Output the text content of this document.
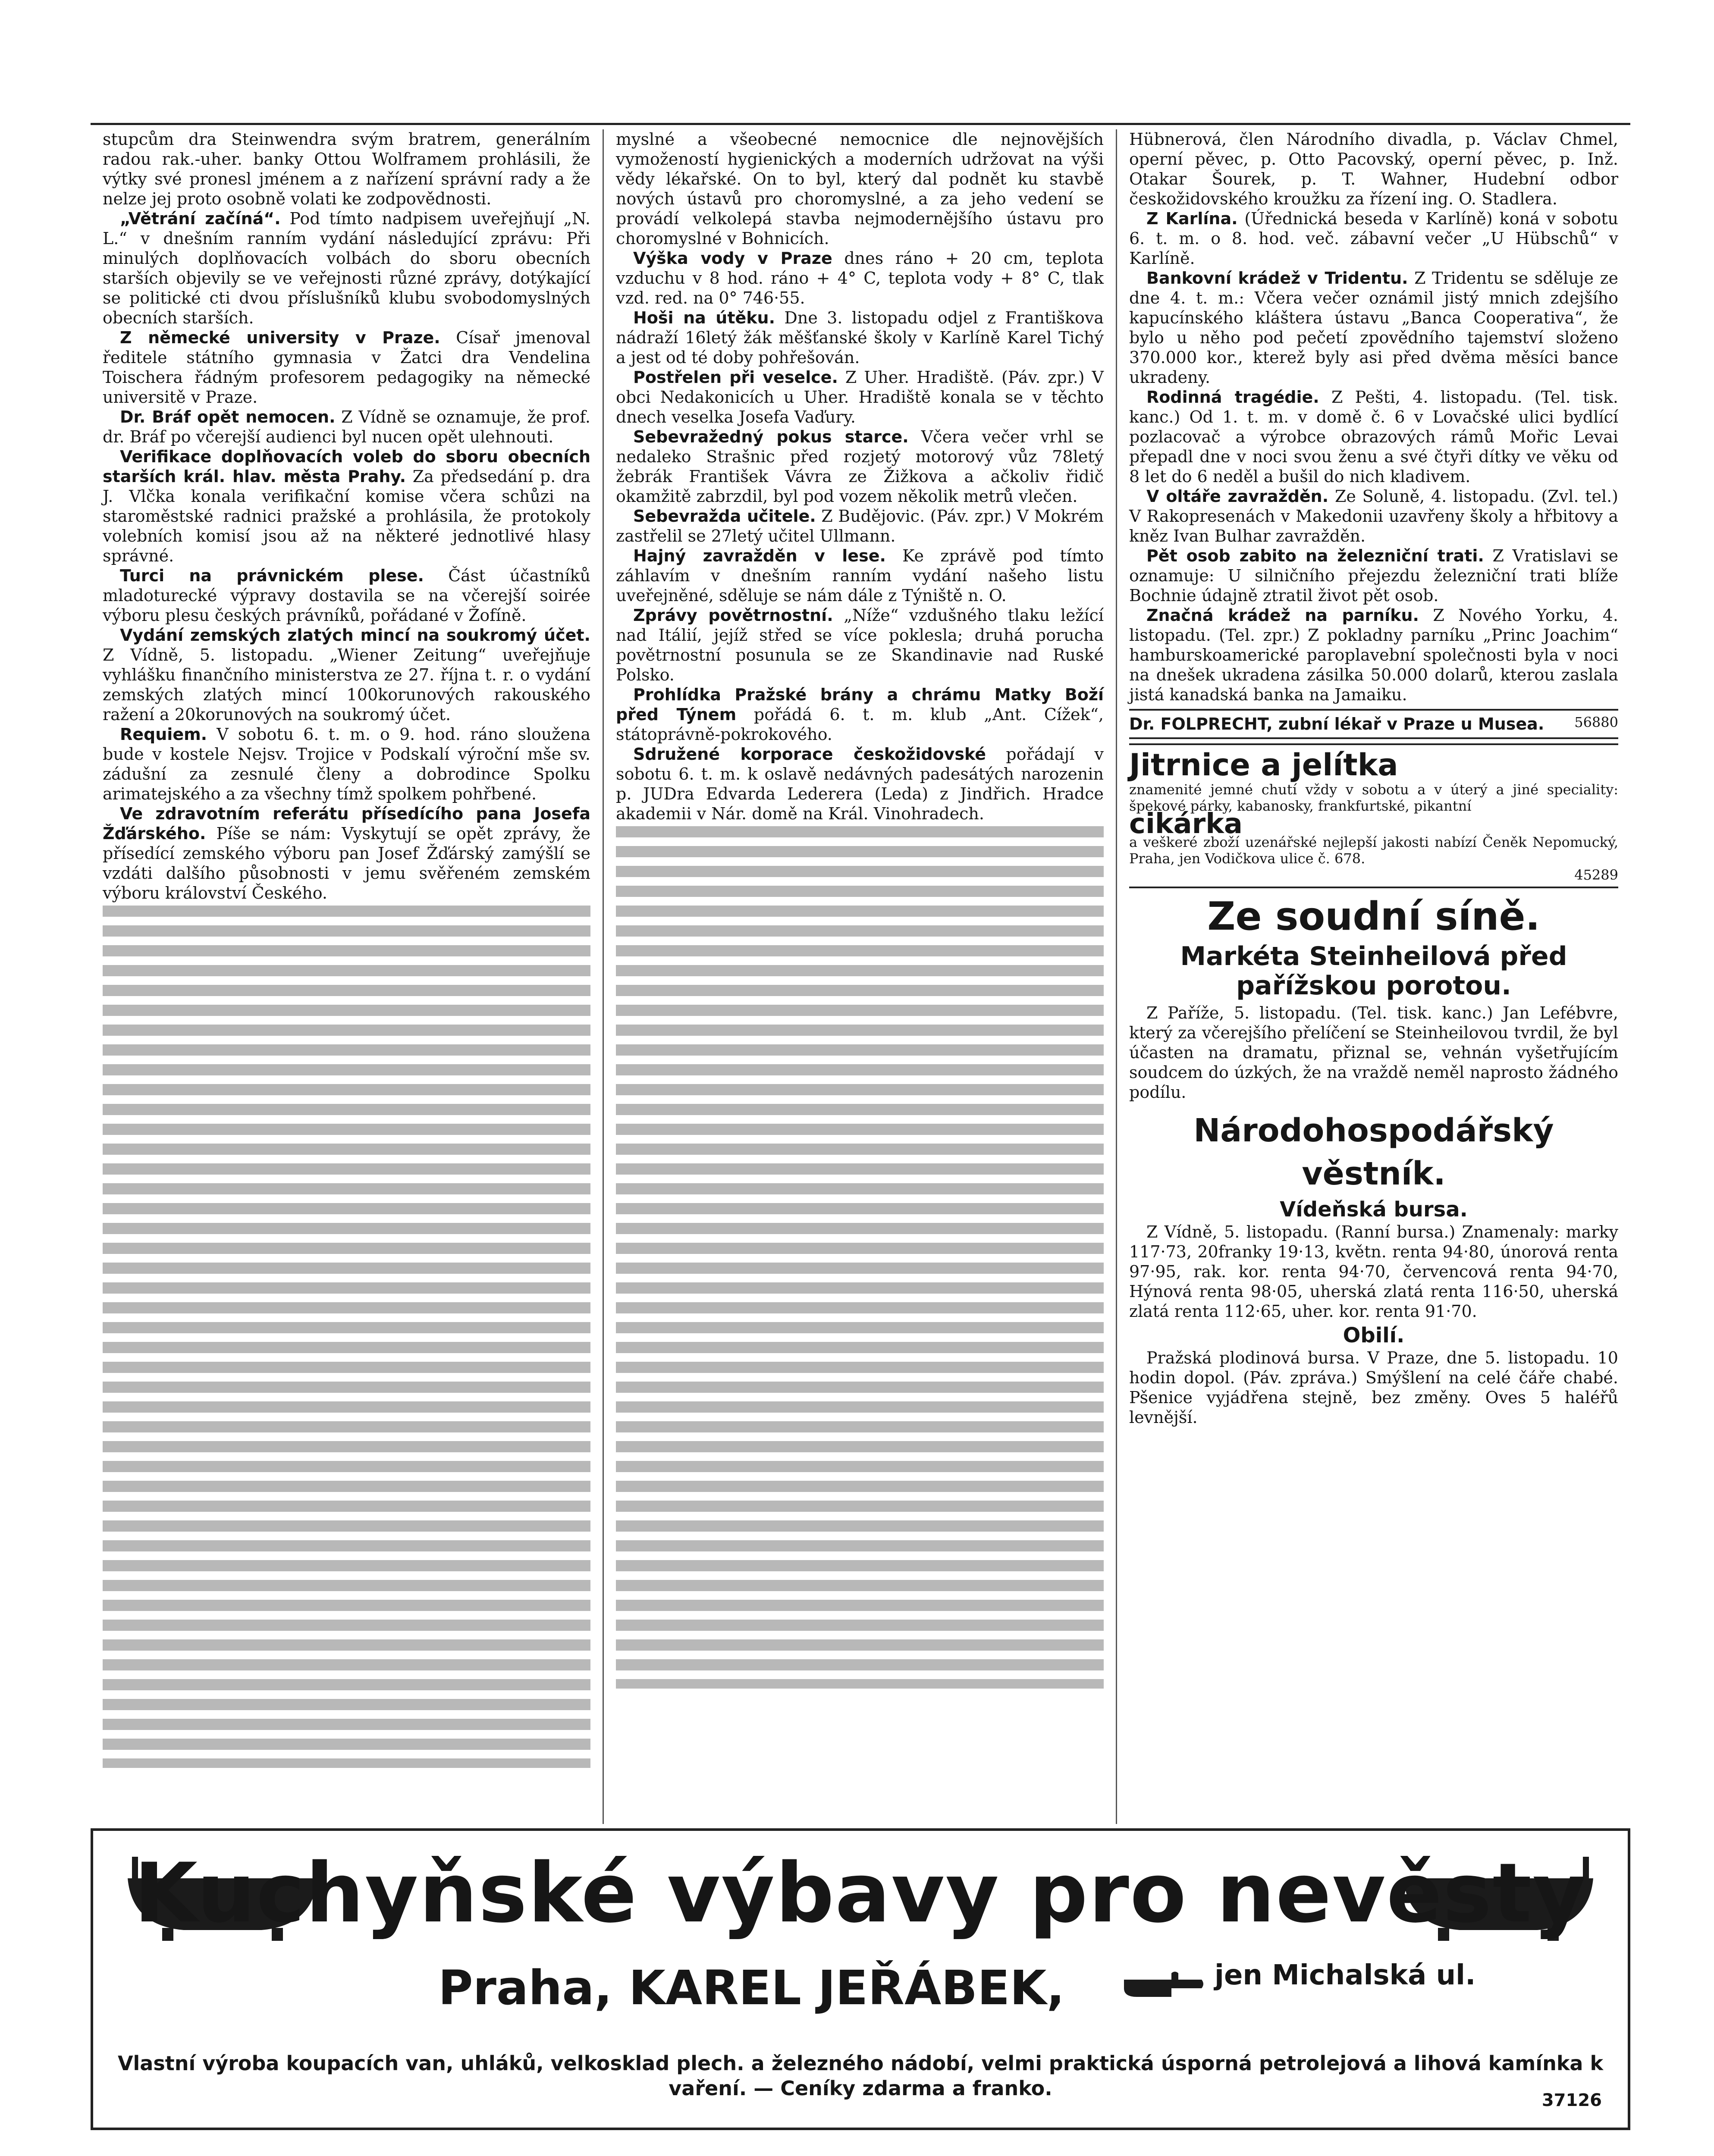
stupcům dra Steinwendra svým bratrem, generálním radou rak.-uher. banky Ottou Wolframem prohlásili, že výtky své pronesl jménem a z nařízení správní rady a že nelze jej proto osobně volati ke zodpovědnosti.

„Větrání začíná“. Pod tímto nadpisem uveřejňují „N. L.“ v dnešním ranním vydání následující zprávu: Při minulých doplňovacích volbách do sboru obecních starších objevily se ve veřejnosti různé zprávy, dotýkající se politické cti dvou příslušníků klubu svobodomyslných obecních starších.

Z německé university v Praze. Císař jmenoval ředitele státního gymnasia v Žatci dra Vendelina Toischera řádným profesorem pedagogiky na německé universitě v Praze.

Dr. Bráf opět nemocen. Z Vídně se oznamuje, že prof. dr. Bráf po včerejší audienci byl nucen opět ulehnouti.

Verifikace doplňovacích voleb do sboru obecních starších král. hlav. města Prahy. Za předsedání p. dra J. Vlčka konala verifikační komise včera schůzi na staroměstské radnici pražské a prohlásila, že protokoly volebních komisí jsou až na některé jednotlivé hlasy správné.

Turci na právnickém plese. Část účastníků mladoturecké výpravy dostavila se na včerejší soirée výboru plesu českých právníků, pořádané v Žofíně.

Vydání zemských zlatých mincí na soukromý účet. Z Vídně, 5. listopadu. „Wiener Zeitung“ uveřejňuje vyhlášku finančního ministerstva ze 27. října t. r. o vydání zemských zlatých mincí 100korunových rakouského ražení a 20korunových na soukromý účet.

Requiem. V sobotu 6. t. m. o 9. hod. ráno sloužena bude v kostele Nejsv. Trojice v Podskalí výroční mše sv. zádušní za zesnulé členy a dobrodince Spolku arimatejského a za všechny tímž spolkem pohřbené.

Ve zdravotním referátu přísedícího pana Josefa Žďárského. Píše se nám: Vyskytují se opět zprávy, že přísedící zemského výboru pan Josef Žďárský zamýšlí se vzdáti dalšího působnosti v jemu svěřeném zemském výboru království Českého.

myslné a všeobecné nemocnice dle nejnovějších vymožeností hygienických a moderních udržovat na výši vědy lékařské. On to byl, který dal podnět ku stavbě nových ústavů pro choromyslné, a za jeho vedení se provádí velkolepá stavba nejmodernějšího ústavu pro choromyslné v Bohnicích.

Výška vody v Praze dnes ráno + 20 cm, teplota vzduchu v 8 hod. ráno + 4° C, teplota vody + 8° C, tlak vzd. red. na 0° 746·55.

Hoši na útěku. Dne 3. listopadu odjel z Františkova nádraží 16letý žák měšťanské školy v Karlíně Karel Tichý a jest od té doby pohřešován.

Postřelen při veselce. Z Uher. Hradiště. (Páv. zpr.) V obci Nedakonicích u Uher. Hradiště konala se v těchto dnech veselka Josefa Vaďury.

Sebevražedný pokus starce. Včera večer vrhl se nedaleko Strašnic před rozjetý motorový vůz 78letý žebrák František Vávra ze Žižkova a ačkoliv řidič okamžitě zabrzdil, byl pod vozem několik metrů vlečen.

Sebevražda učitele. Z Budějovic. (Páv. zpr.) V Mokrém zastřelil se 27letý učitel Ullmann.

Hajný zavražděn v lese. Ke zprávě pod tímto záhlavím v dnešním ranním vydání našeho listu uveřejněné, sděluje se nám dále z Týniště n. O.

Zprávy povětrnostní. „Níže“ vzdušného tlaku ležící nad Itálií, jejíž střed se více poklesla; druhá porucha povětrnostní posunula se ze Skandinavie nad Ruské Polsko.

Prohlídka Pražské brány a chrámu Matky Boží před Týnem pořádá 6. t. m. klub „Ant. Cížek“, státoprávně-pokrokového.

Sdružené korporace českožidovské pořádají v sobotu 6. t. m. k oslavě nedávných padesátých narozenin p. JUDra Edvarda Lederera (Leda) z Jindřich. Hradce akademii v Nár. domě na Král. Vinohradech.

Hübnerová, člen Národního divadla, p. Václav Chmel, operní pěvec, p. Otto Pacovský, operní pěvec, p. Inž. Otakar Šourek, p. T. Wahner, Hudební odbor českožidovského kroužku za řízení ing. O. Stadlera.

Z Karlína. (Úřednická beseda v Karlíně) koná v sobotu 6. t. m. o 8. hod. več. zábavní večer „U Hübschů“ v Karlíně.

Bankovní krádež v Tridentu. Z Tridentu se sděluje ze dne 4. t. m.: Včera večer oznámil jistý mnich zdejšího kapucínského kláštera ústavu „Banca Cooperativa“, že bylo u něho pod pečetí zpovědního tajemství složeno 370.000 kor., kterež byly asi před dvěma měsíci bance ukradeny.

Rodinná tragédie. Z Pešti, 4. listopadu. (Tel. tisk. kanc.) Od 1. t. m. v domě č. 6 v Lovačské ulici bydlící pozlacovač a výrobce obrazových rámů Mořic Levai přepadl dne v noci svou ženu a své čtyři dítky ve věku od 8 let do 6 neděl a bušil do nich kladivem.

V oltáře zavražděn. Ze Soluně, 4. listopadu. (Zvl. tel.) V Rakopresenách v Makedonii uzavřeny školy a hřbitovy a kněz Ivan Bulhar zavražděn.

Pět osob zabito na železniční trati. Z Vratislavi se oznamuje: U silničního přejezdu železniční trati blíže Bochnie údajně ztratil život pět osob.

Značná krádež na parníku. Z Nového Yorku, 4. listopadu. (Tel. zpr.) Z pokladny parníku „Princ Joachim“ hamburskoamerické paroplavební společnosti byla v noci na dnešek ukradena zásilka 50.000 dolarů, kterou zaslala jistá kanadská banka na Jamaiku.

Dr. FOLPRECHT, zubní lékař v Praze u Musea. 56880
Jitrnice a jelítka
znamenité jemné chutí vždy v sobotu a v úterý a jiné speciality: špekové párky, kabanosky, frankfurtské, pikantní
cikárka
a veškeré zboží uzenářské nejlepší jakosti nabízí Čeněk Nepomucký, Praha, jen Vodičkova ulice č. 678.
45289
Ze soudní síně.
Markéta Steinheilová před pařížskou porotou.

Z Paříže, 5. listopadu. (Tel. tisk. kanc.) Jan Lefébvre, který za včerejšího přelíčení se Steinheilovou tvrdil, že byl účasten na dramatu, přiznal se, vehnán vyšetřujícím soudcem do úzkých, že na vraždě neměl naprosto žádného podílu.

Národohospodářský věstník.
Vídeňská bursa.

Z Vídně, 5. listopadu. (Ranní bursa.) Znamenaly: marky 117·73, 20franky 19·13, květn. renta 94·80, únorová renta 97·95, rak. kor. renta 94·70, červencová renta 94·70, Hýnová renta 98·05, uherská zlatá renta 116·50, uherská zlatá renta 112·65, uher. kor. renta 91·70.

Obilí.

Pražská plodinová bursa. V Praze, dne 5. listopadu. 10 hodin dopol. (Páv. zpráva.) Smýšlení na celé čáře chabé. Pšenice vyjádřena stejně, bez změny. Oves 5 haléřů levnější.

Kuchyňské výbavy pro nevěsty
Praha, KAREL JEŘÁBEK,	jen Michalská ul.
Vlastní výroba koupacích van, uhláků, velkosklad plech. a železného nádobí, velmi praktická úsporná petrolejová a lihová kamínka k vaření. — Ceníky zdarma a franko.
37126
